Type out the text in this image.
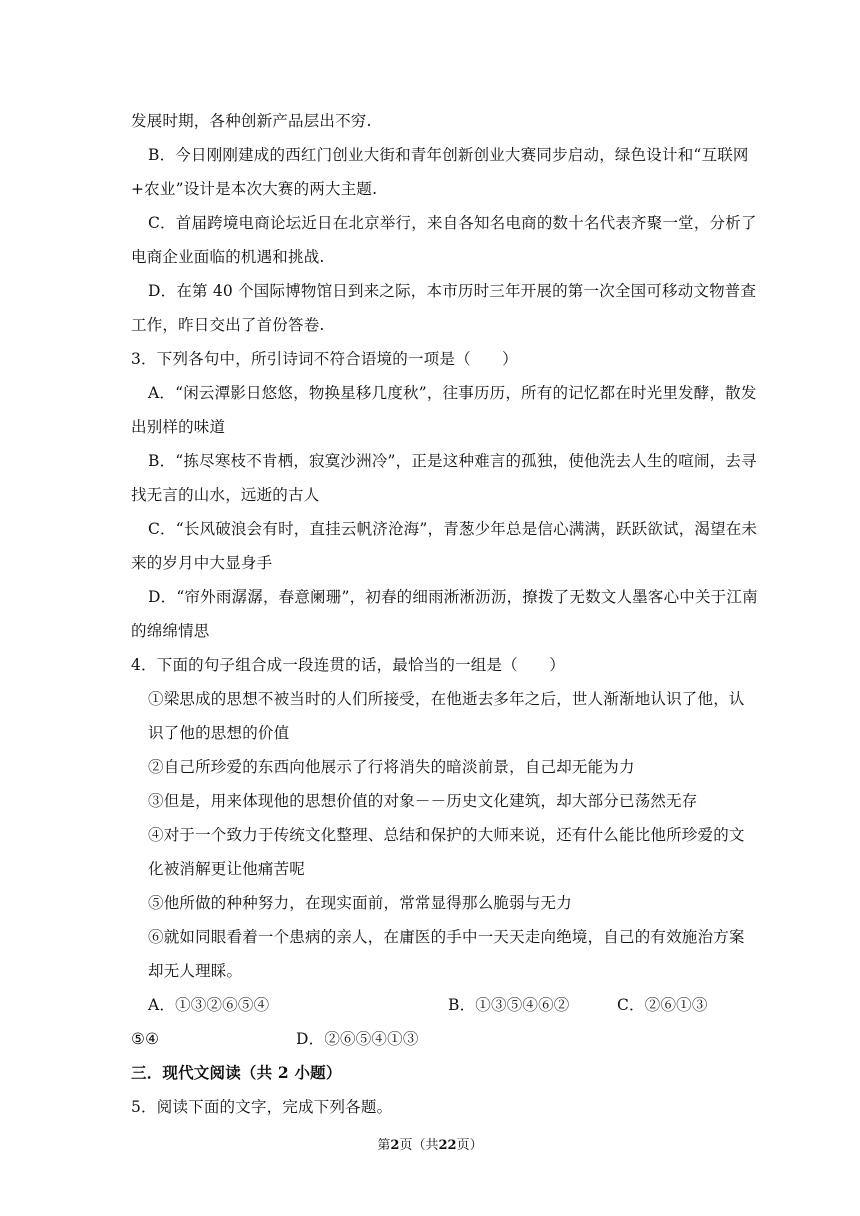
发展时期，各种创新产品层出不穷.
B．今日刚刚建成的西红门创业大街和青年创新创业大赛同步启动，绿色设计和“互联网
+农业”设计是本次大赛的两大主题.
C．首届跨境电商论坛近日在北京举行，来自各知名电商的数十名代表齐聚一堂，分析了
电商企业面临的机遇和挑战.
D．在第 40 个国际博物馆日到来之际，本市历时三年开展的第一次全国可移动文物普查
工作，昨日交出了首份答卷.
3．下列各句中，所引诗词不符合语境的一项是（　　）
A．“闲云潭影日悠悠，物换星移几度秋”，往事历历，所有的记忆都在时光里发酵，散发
出别样的味道
B．“拣尽寒枝不肯栖，寂寞沙洲冷”，正是这种难言的孤独，使他洗去人生的喧闹，去寻
找无言的山水，远逝的古人
C．“长风破浪会有时，直挂云帆济沧海”，青葱少年总是信心满满，跃跃欲试，渴望在未
来的岁月中大显身手
D．“帘外雨潺潺，春意阑珊”，初春的细雨淅淅沥沥，撩拨了无数文人墨客心中关于江南
的绵绵情思
4．下面的句子组合成一段连贯的话，最恰当的一组是（　　）
①梁思成的思想不被当时的人们所接受，在他逝去多年之后，世人渐渐地认识了他，认
识了他的思想的价值
②自己所珍爱的东西向他展示了行将消失的暗淡前景，自己却无能为力
③但是，用来体现他的思想价值的对象－－历史文化建筑，却大部分已荡然无存
④对于一个致力于传统文化整理、总结和保护的大师来说，还有什么能比他所珍爱的文
化被消解更让他痛苦呢
⑤他所做的种种努力，在现实面前，常常显得那么脆弱与无力
⑥就如同眼看着一个患病的亲人，在庸医的手中一天天走向绝境，自己的有效施治方案
却无人理睬。
A．①③②⑥⑤④	B．①③⑤④⑥②	C．②⑥①③
⑤④	D．②⑥⑤④①③
三．现代文阅读（共 2 小题）
5．阅读下面的文字，完成下列各题。
第2页（共22页）
